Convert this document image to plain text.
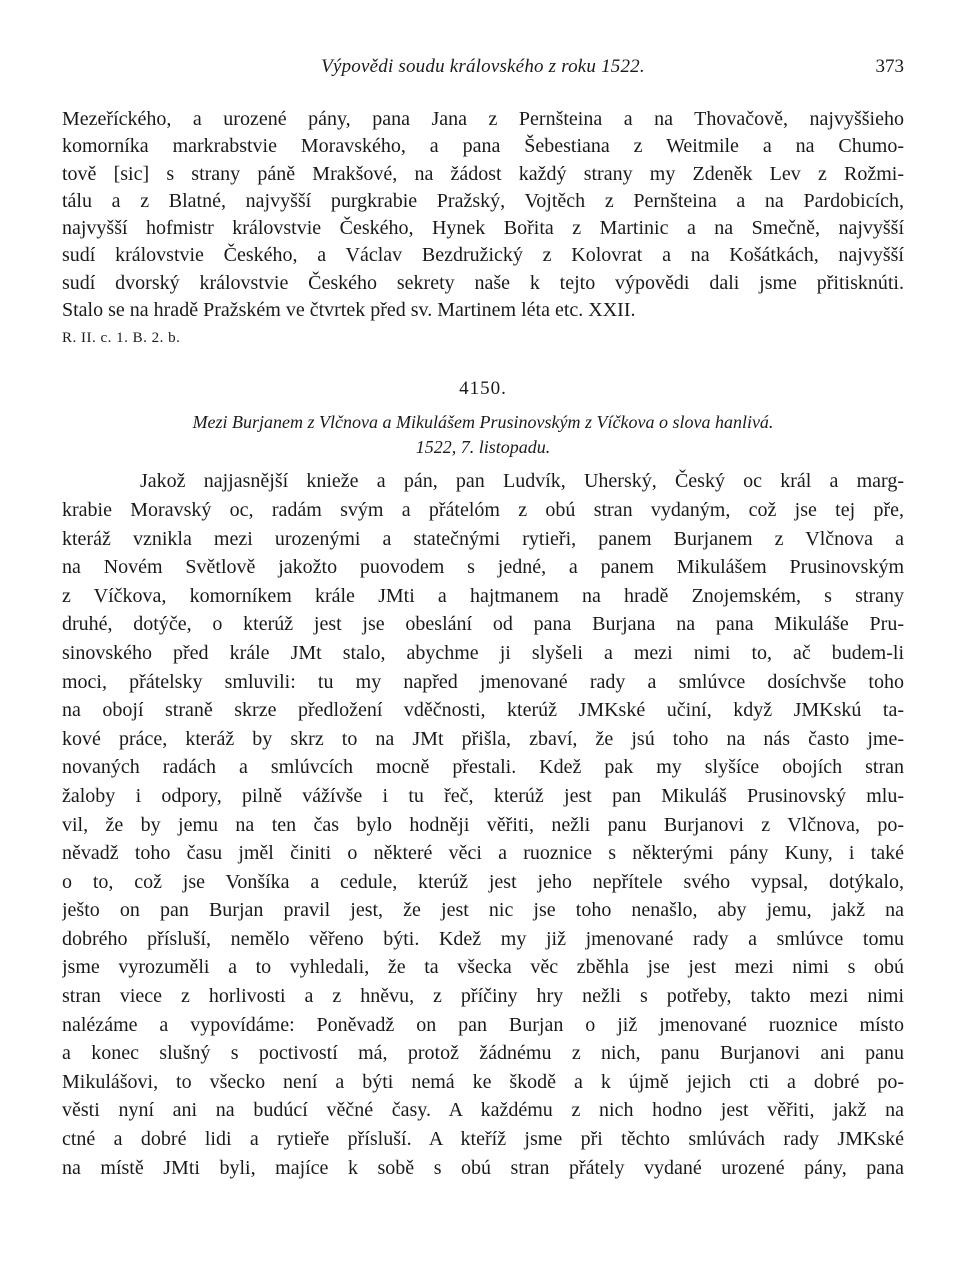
Výpovědi soudu královského z roku 1522.	373
Mezeříckého, a urozené pány, pana Jana z Pernšteina a na Thovačově, najvyššieho
komorníka markrabstvie Moravského, a pana Šebestiana z Weitmile a na Chumo-
tově [sic] s strany páně Mrakšové, na žádost každý strany my Zdeněk Lev z Rožmi-
tálu a z Blatné, najvyšší purgkrabie Pražský, Vojtěch z Pernšteina a na Pardobicích,
najvyšší hofmistr královstvie Českého, Hynek Bořita z Martinic a na Smečně, najvyšší
sudí královstvie Českého, a Václav Bezdružický z Kolovrat a na Košátkách, najvyšší
sudí dvorský královstvie Českého sekrety naše k tejto výpovědi dali jsme přitisknúti.
Stalo se na hradě Pražském ve čtvrtek před sv. Martinem léta etc. XXII.
R. II. c. 1. B. 2. b.
4150.
Mezi Burjanem z Vlčnova a Mikulášem Prusinovským z Víčkova o slova hanlivá.
1522, 7. listopadu.
Jakož najjasnější knieže a pán, pan Ludvík, Uherský, Český oc král a marg-
krabie Moravský oc, radám svým a přátelóm z obú stran vydaným, což jse tej pře,
kteráž vznikla mezi urozenými a statečnými rytieři, panem Burjanem z Vlčnova a
na Novém Světlově jakožto puovodem s jedné, a panem Mikulášem Prusinovským
z Víčkova, komorníkem krále JMti a hajtmanem na hradě Znojemském, s strany
druhé, dotýče, o kterúž jest jse obeslání od pana Burjana na pana Mikuláše Pru-
sinovského před krále JMt stalo, abychme ji slyšeli a mezi nimi to, ač budem-li
moci, přátelsky smluvili: tu my napřed jmenované rady a smlúvce dosíchvše toho
na obojí straně skrze předložení vděčnosti, kterúž JMKské učiní, když JMKskú ta-
kové práce, kteráž by skrz to na JMt přišla, zbaví, že jsú toho na nás často jme-
novaných radách a smlúvcích mocně přestali. Kdež pak my slyšíce obojích stran
žaloby i odpory, pilně vážívše i tu řeč, kterúž jest pan Mikuláš Prusinovský mlu-
vil, že by jemu na ten čas bylo hodněji věřiti, nežli panu Burjanovi z Vlčnova, po-
něvadž toho času jměl činiti o některé věci a ruoznice s některými pány Kuny, i také
o to, což jse Vonšíka a cedule, kterúž jest jeho nepřítele svého vypsal, dotýkalo,
ješto on pan Burjan pravil jest, že jest nic jse toho nenašlo, aby jemu, jakž na
dobrého přísluší, nemělo věřeno býti. Kdež my již jmenované rady a smlúvce tomu
jsme vyrozuměli a to vyhledali, že ta všecka věc zběhla jse jest mezi nimi s obú
stran viece z horlivosti a z hněvu, z příčiny hry nežli s potřeby, takto mezi nimi
nalézáme a vypovídáme: Poněvadž on pan Burjan o již jmenované ruoznice místo
a konec slušný s poctivostí má, protož žádnému z nich, panu Burjanovi ani panu
Mikulášovi, to všecko není a býti nemá ke škodě a k újmě jejich cti a dobré po-
věsti nyní ani na budúcí věčné časy. A každému z nich hodno jest věřiti, jakž na
ctné a dobré lidi a rytieře přísluší. A kteříž jsme při těchto smlúvách rady JMKské
na místě JMti byli, majíce k sobě s obú stran přátely vydané urozené pány, pana
